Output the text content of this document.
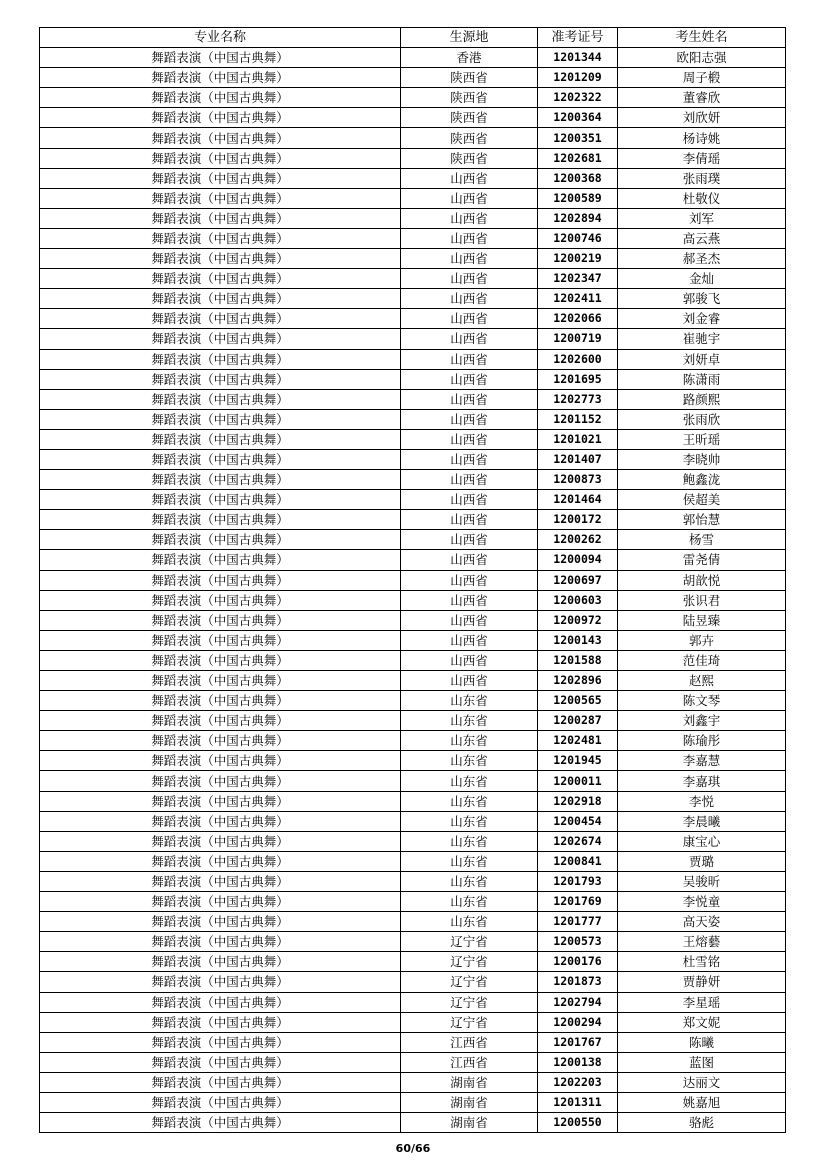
专业名称	生源地	准考证号	考生姓名
舞蹈表演（中国古典舞）	香港	1201344	欧阳志强
舞蹈表演（中国古典舞）	陕西省	1201209	周子椴
舞蹈表演（中国古典舞）	陕西省	1202322	董睿欣
舞蹈表演（中国古典舞）	陕西省	1200364	刘欣妍
舞蹈表演（中国古典舞）	陕西省	1200351	杨诗姚
舞蹈表演（中国古典舞）	陕西省	1202681	李倩瑶
舞蹈表演（中国古典舞）	山西省	1200368	张雨璞
舞蹈表演（中国古典舞）	山西省	1200589	杜敬仪
舞蹈表演（中国古典舞）	山西省	1202894	刘军
舞蹈表演（中国古典舞）	山西省	1200746	高云燕
舞蹈表演（中国古典舞）	山西省	1200219	郝圣杰
舞蹈表演（中国古典舞）	山西省	1202347	金灿
舞蹈表演（中国古典舞）	山西省	1202411	郭骏飞
舞蹈表演（中国古典舞）	山西省	1202066	刘金睿
舞蹈表演（中国古典舞）	山西省	1200719	崔驰宇
舞蹈表演（中国古典舞）	山西省	1202600	刘妍卓
舞蹈表演（中国古典舞）	山西省	1201695	陈潇雨
舞蹈表演（中国古典舞）	山西省	1202773	路颜熙
舞蹈表演（中国古典舞）	山西省	1201152	张雨欣
舞蹈表演（中国古典舞）	山西省	1201021	王昕瑶
舞蹈表演（中国古典舞）	山西省	1201407	李晓帅
舞蹈表演（中国古典舞）	山西省	1200873	鲍鑫泷
舞蹈表演（中国古典舞）	山西省	1201464	侯超美
舞蹈表演（中国古典舞）	山西省	1200172	郭怡慧
舞蹈表演（中国古典舞）	山西省	1200262	杨雪
舞蹈表演（中国古典舞）	山西省	1200094	雷尧倩
舞蹈表演（中国古典舞）	山西省	1200697	胡歆悦
舞蹈表演（中国古典舞）	山西省	1200603	张识君
舞蹈表演（中国古典舞）	山西省	1200972	陆昱臻
舞蹈表演（中国古典舞）	山西省	1200143	郭卉
舞蹈表演（中国古典舞）	山西省	1201588	范佳琦
舞蹈表演（中国古典舞）	山西省	1202896	赵熙
舞蹈表演（中国古典舞）	山东省	1200565	陈文琴
舞蹈表演（中国古典舞）	山东省	1200287	刘鑫宇
舞蹈表演（中国古典舞）	山东省	1202481	陈瑜彤
舞蹈表演（中国古典舞）	山东省	1201945	李嘉慧
舞蹈表演（中国古典舞）	山东省	1200011	李嘉琪
舞蹈表演（中国古典舞）	山东省	1202918	李悦
舞蹈表演（中国古典舞）	山东省	1200454	李晨曦
舞蹈表演（中国古典舞）	山东省	1202674	康宝心
舞蹈表演（中国古典舞）	山东省	1200841	贾璐
舞蹈表演（中国古典舞）	山东省	1201793	吴骏昕
舞蹈表演（中国古典舞）	山东省	1201769	李悦童
舞蹈表演（中国古典舞）	山东省	1201777	高天姿
舞蹈表演（中国古典舞）	辽宁省	1200573	王熔藝
舞蹈表演（中国古典舞）	辽宁省	1200176	杜雪铭
舞蹈表演（中国古典舞）	辽宁省	1201873	贾静妍
舞蹈表演（中国古典舞）	辽宁省	1202794	李星瑶
舞蹈表演（中国古典舞）	辽宁省	1200294	郑文妮
舞蹈表演（中国古典舞）	江西省	1201767	陈曦
舞蹈表演（中国古典舞）	江西省	1200138	蓝图
舞蹈表演（中国古典舞）	湖南省	1202203	达丽文
舞蹈表演（中国古典舞）	湖南省	1201311	姚嘉旭
舞蹈表演（中国古典舞）	湖南省	1200550	骆彪
60/66
